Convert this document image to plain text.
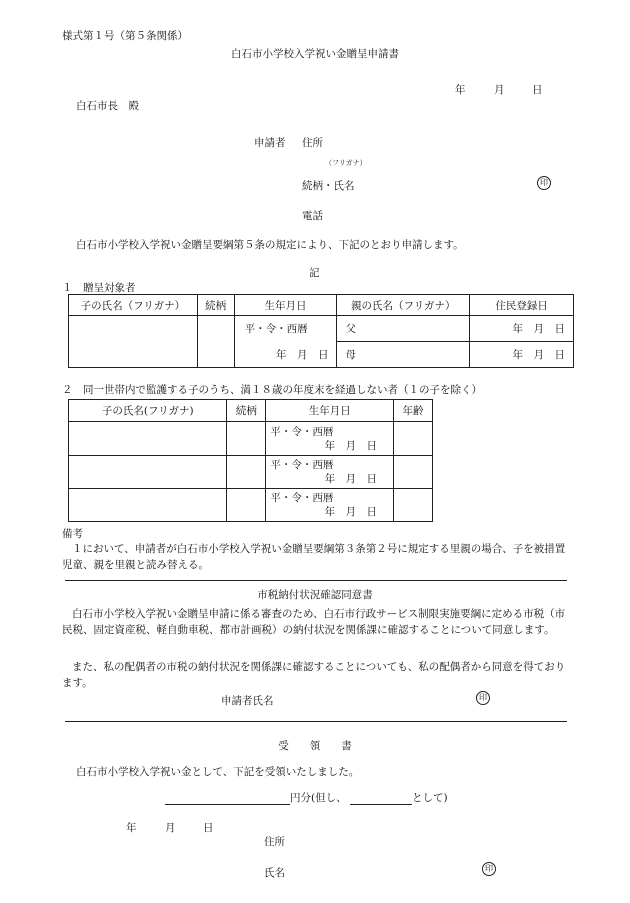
様式第１号（第５条関係）
白石市小学校入学祝い金贈呈申請書
年	月	日
白石市長　殿
申請者 住所
（フリガナ）
続柄・氏名	印
電話
白石市小学校入学祝い金贈呈要綱第５条の規定により、下記のとおり申請します。
記
１　贈呈対象者
子の氏名（フリガナ）	続柄	生年月日	親の氏名（フリガナ）	住民登録日
		平・令・西暦	父	年　月　日
		年　月　日	母	年　月　日
２　同一世帯内で監護する子のうち、満１８歳の年度末を経過しない者（１の子を除く）
子の氏名(フリガナ)	続柄	生年月日	年齢

		平・令・西暦
年　月　日	

		平・令・西暦
年　月　日	

		平・令・西暦
年　月　日	

備考
１において、申請者が白石市小学校入学祝い金贈呈要綱第３条第２号に規定する里親の場合、子を被措置児童、親を里親と読み替える。
市税納付状況確認同意書
白石市小学校入学祝い金贈呈申請に係る審査のため、白石市行政サービス制限実施要綱に定める市税（市民税、固定資産税、軽自動車税、都市計画税）の納付状況を関係課に確認することについて同意します。
また、私の配偶者の市税の納付状況を関係課に確認することについても、私の配偶者から同意を得ております。
申請者氏名	印
受　　領　　書
白石市小学校入学祝い金として、下記を受領いたしました。
円分(但し、	として)
年	月	日
住所
氏名	印
